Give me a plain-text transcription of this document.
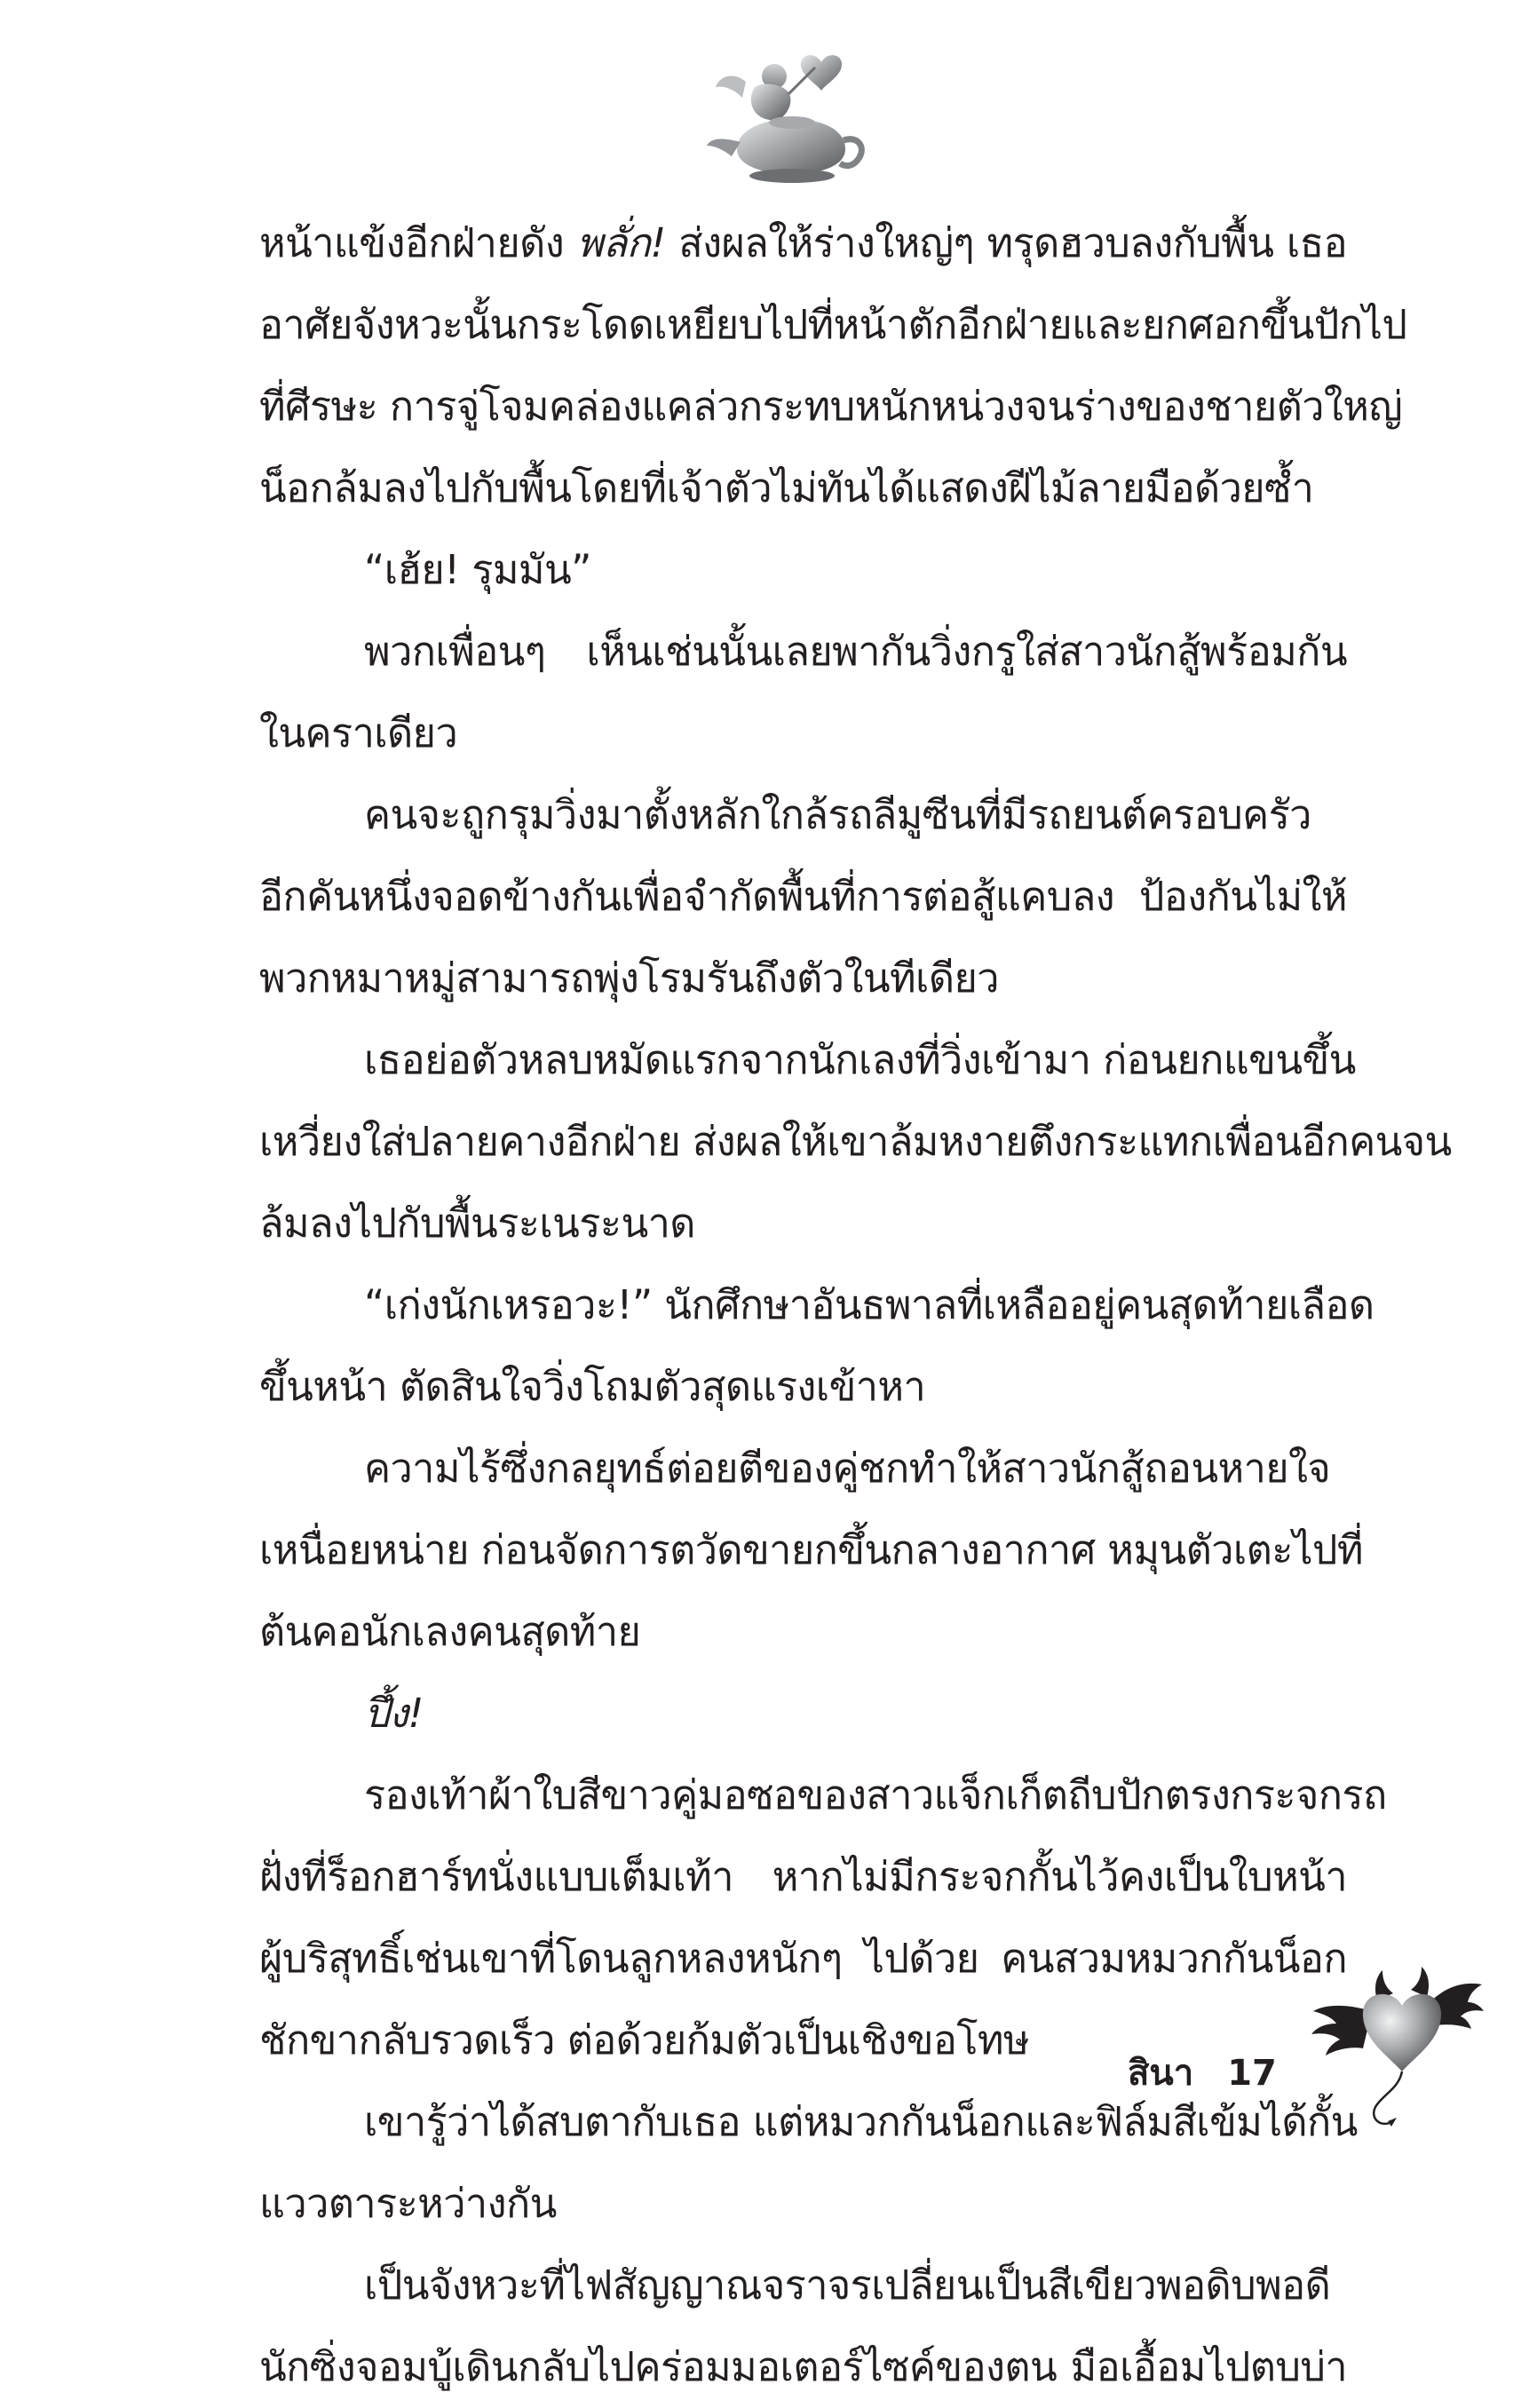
หน้าแข้งอีกฝ่ายดัง พลั่ก! ส่งผลให้ร่างใหญ่ๆ ทรุดฮวบลงกับพื้น เธอ
อาศัยจังหวะนั้นกระโดดเหยียบไปที่หน้าตักอีกฝ่ายและยกศอกขึ้นปักไป
ที่ศีรษะ การจู่โจมคล่องแคล่วกระทบหนักหน่วงจนร่างของชายตัวใหญ่
น็อกล้มลงไปกับพื้นโดยที่เจ้าตัวไม่ทันได้แสดงฝีไม้ลายมือด้วยซ้ำ
“เฮ้ย! รุมมัน”
พวกเพื่อนๆ เห็นเช่นนั้นเลยพากันวิ่งกรูใส่สาวนักสู้พร้อมกัน
ในคราเดียว
คนจะถูกรุมวิ่งมาตั้งหลักใกล้รถลีมูซีนที่มีรถยนต์ครอบครัว
อีกคันหนึ่งจอดข้างกันเพื่อจำกัดพื้นที่การต่อสู้แคบลง ป้องกันไม่ให้
พวกหมาหมู่สามารถพุ่งโรมรันถึงตัวในทีเดียว
เธอย่อตัวหลบหมัดแรกจากนักเลงที่วิ่งเข้ามา ก่อนยกแขนขึ้น
เหวี่ยงใส่ปลายคางอีกฝ่าย ส่งผลให้เขาล้มหงายตึงกระแทกเพื่อนอีกคนจน
ล้มลงไปกับพื้นระเนระนาด
“เก่งนักเหรอวะ!” นักศึกษาอันธพาลที่เหลืออยู่คนสุดท้ายเลือด
ขึ้นหน้า ตัดสินใจวิ่งโถมตัวสุดแรงเข้าหา
ความไร้ซึ่งกลยุทธ์ต่อยตีของคู่ชกทำให้สาวนักสู้ถอนหายใจ
เหนื่อยหน่าย ก่อนจัดการตวัดขายกขึ้นกลางอากาศ หมุนตัวเตะไปที่
ต้นคอนักเลงคนสุดท้าย
ปึ้ง!
รองเท้าผ้าใบสีขาวคู่มอซอของสาวแจ็กเก็ตถีบปักตรงกระจกรถ
ฝั่งที่ร็อกฮาร์ทนั่งแบบเต็มเท้า หากไม่มีกระจกกั้นไว้คงเป็นใบหน้า
ผู้บริสุทธิ์เช่นเขาที่โดนลูกหลงหนักๆ ไปด้วย คนสวมหมวกกันน็อก
ชักขากลับรวดเร็ว ต่อด้วยก้มตัวเป็นเชิงขอโทษ
เขารู้ว่าได้สบตากับเธอ แต่หมวกกันน็อกและฟิล์มสีเข้มได้กั้น
แววตาระหว่างกัน
เป็นจังหวะที่ไฟสัญญาณจราจรเปลี่ยนเป็นสีเขียวพอดิบพอดี
นักซิ่งจอมบู้เดินกลับไปคร่อมมอเตอร์ไซค์ของตน มือเอื้อมไปตบบ่า
สินา 17
